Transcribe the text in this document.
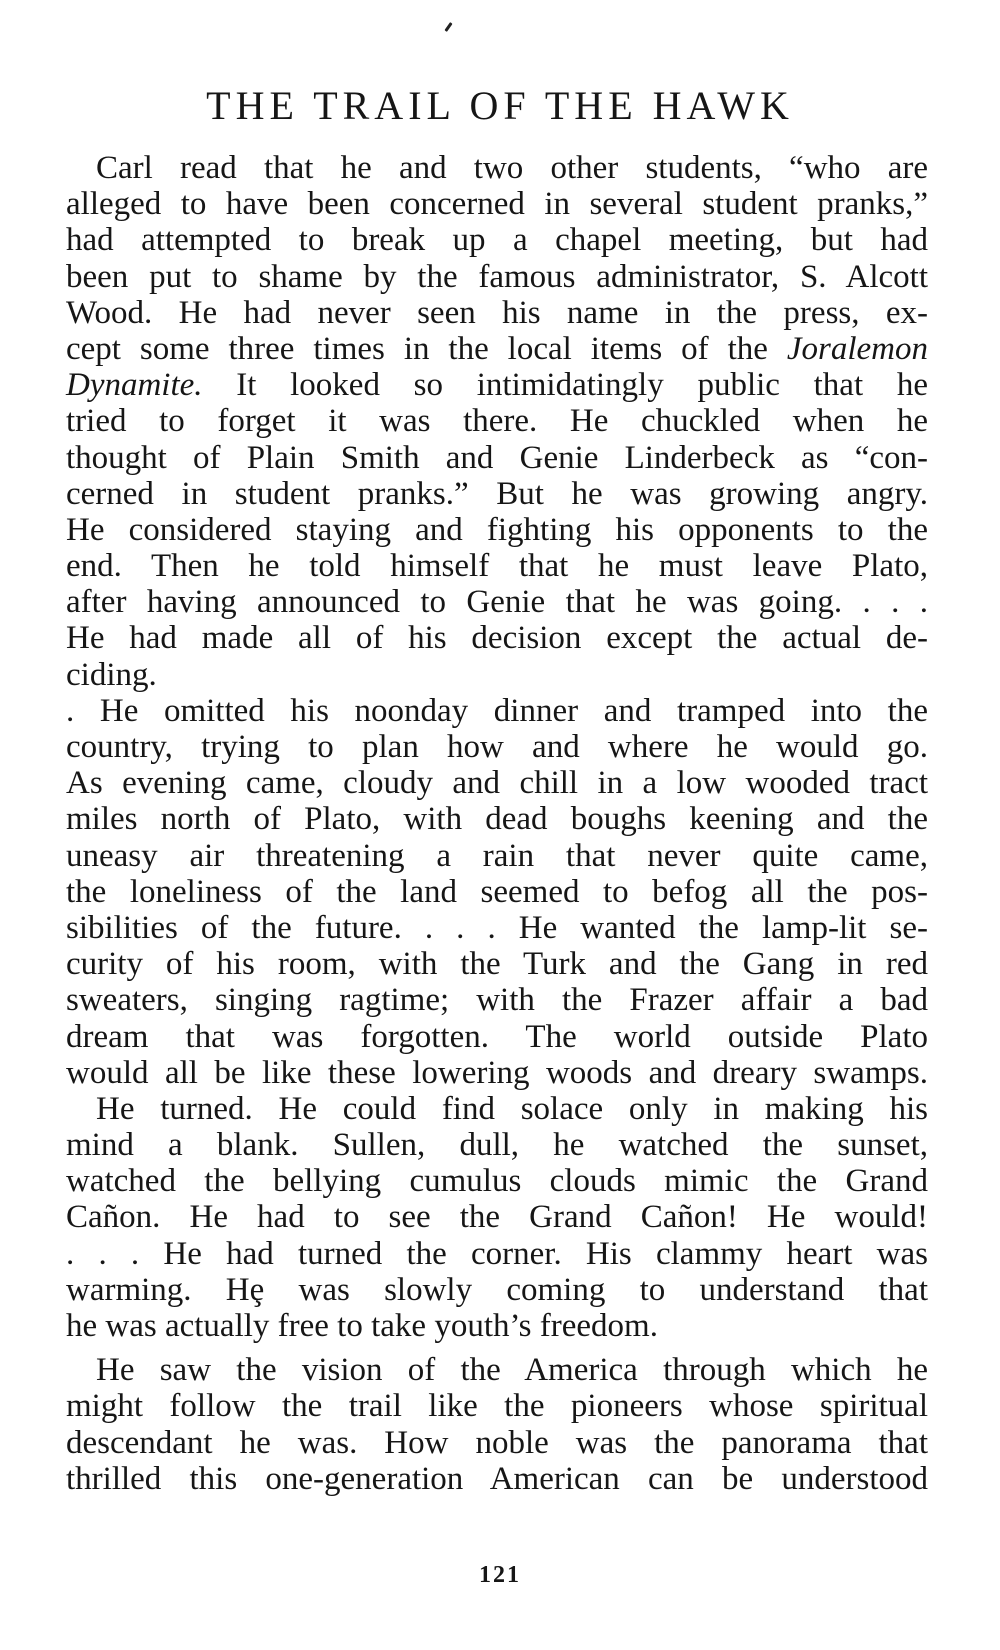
THE TRAIL OF THE HAWK
Carl read that he and two other students, “who are
alleged to have been concerned in several student pranks,”
had attempted to break up a chapel meeting, but had
been put to shame by the famous administrator, S. Alcott
Wood. He had never seen his name in the press, ex-
cept some three times in the local items of the Joralemon
Dynamite. It looked so intimidatingly public that he
tried to forget it was there. He chuckled when he
thought of Plain Smith and Genie Linderbeck as “con-
cerned in student pranks.” But he was growing angry.
He considered staying and fighting his opponents to the
end. Then he told himself that he must leave Plato,
after having announced to Genie that he was going. . . .
He had made all of his decision except the actual de-
ciding.
. He omitted his noonday dinner and tramped into the
country, trying to plan how and where he would go.
As evening came, cloudy and chill in a low wooded tract
miles north of Plato, with dead boughs keening and the
uneasy air threatening a rain that never quite came,
the loneliness of the land seemed to befog all the pos-
sibilities of the future. . . . He wanted the lamp-lit se-
curity of his room, with the Turk and the Gang in red
sweaters, singing ragtime; with the Frazer affair a bad
dream that was forgotten. The world outside Plato
would all be like these lowering woods and dreary swamps.
He turned. He could find solace only in making his
mind a blank. Sullen, dull, he watched the sunset,
watched the bellying cumulus clouds mimic the Grand
Cañon. He had to see the Grand Cañon! He would!
. . . He had turned the corner. His clammy heart was
warming. Hȩ was slowly coming to understand that
he was actually free to take youth’s freedom.
He saw the vision of the America through which he
might follow the trail like the pioneers whose spiritual
descendant he was. How noble was the panorama that
thrilled this one-generation American can be understood
121
